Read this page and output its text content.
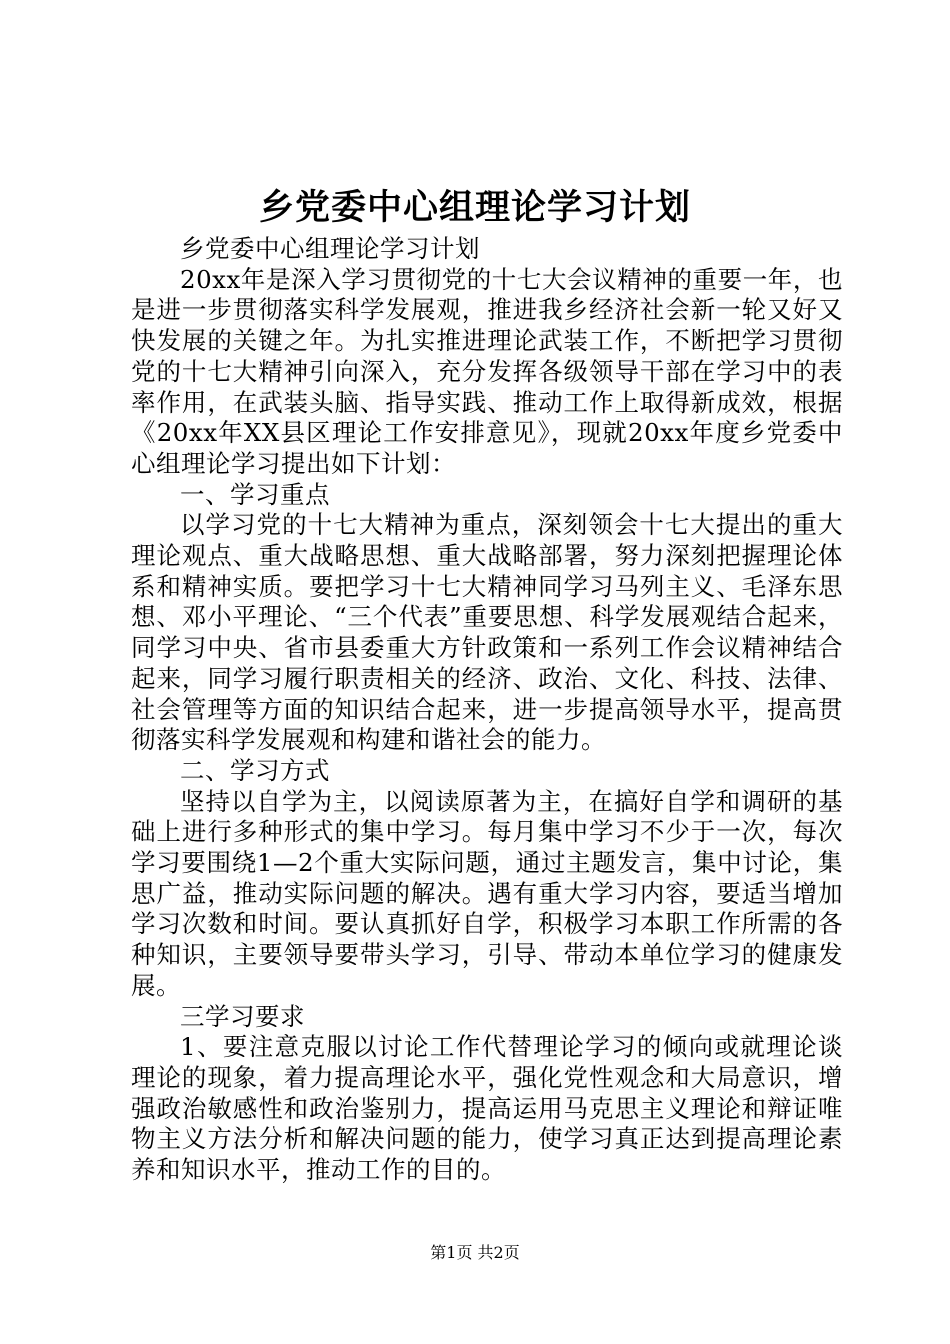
乡党委中心组理论学习计划

乡党委中心组理论学习计划

20xx年是深入学习贯彻党的十七大会议精神的重要一年，也是进一步贯彻落实科学发展观，推进我乡经济社会新一轮又好又快发展的关键之年。为扎实推进理论武装工作，不断把学习贯彻党的十七大精神引向深入，充分发挥各级领导干部在学习中的表率作用，在武装头脑、指导实践、推动工作上取得新成效，根据《20xx年XX县区理论工作安排意见》，现就20xx年度乡党委中心组理论学习提出如下计划：

一、学习重点

以学习党的十七大精神为重点，深刻领会十七大提出的重大理论观点、重大战略思想、重大战略部署，努力深刻把握理论体系和精神实质。要把学习十七大精神同学习马列主义、毛泽东思想、邓小平理论、“三个代表”重要思想、科学发展观结合起来，同学习中央、省市县委重大方针政策和一系列工作会议精神结合起来，同学习履行职责相关的经济、政治、文化、科技、法律、社会管理等方面的知识结合起来，进一步提高领导水平，提高贯彻落实科学发展观和构建和谐社会的能力。

二、学习方式

坚持以自学为主，以阅读原著为主，在搞好自学和调研的基础上进行多种形式的集中学习。每月集中学习不少于一次，每次学习要围绕1—2个重大实际问题，通过主题发言，集中讨论，集思广益，推动实际问题的解决。遇有重大学习内容，要适当增加学习次数和时间。要认真抓好自学，积极学习本职工作所需的各种知识，主要领导要带头学习，引导、带动本单位学习的健康发展。

三学习要求

1、要注意克服以讨论工作代替理论学习的倾向或就理论谈理论的现象，着力提高理论水平，强化党性观念和大局意识，增强政治敏感性和政治鉴别力，提高运用马克思主义理论和辩证唯物主义方法分析和解决问题的能力，使学习真正达到提高理论素养和知识水平，推动工作的目的。

第1页 共2页
